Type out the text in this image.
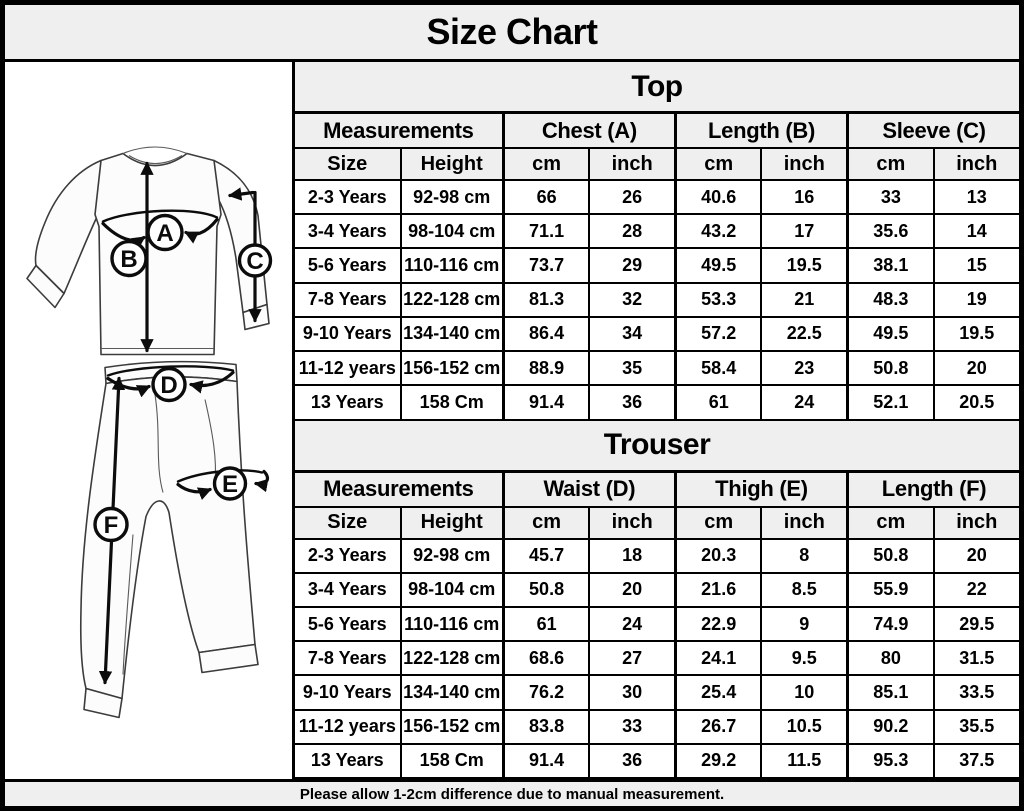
Size Chart
A
B	C
D
E
F
Top
Measurements		Chest (A)		Length (B)		Sleeve (C)	
Size	Height	cm	inch	cm	inch	cm	inch
2-3 Years	92-98 cm	66	26	40.6	16	33	13
3-4 Years	98-104 cm	71.1	28	43.2	17	35.6	14
5-6 Years	110-116 cm	73.7	29	49.5	19.5	38.1	15
7-8 Years	122-128 cm	81.3	32	53.3	21	48.3	19
9-10 Years	134-140 cm	86.4	34	57.2	22.5	49.5	19.5
11-12 years	156-152 cm	88.9	35	58.4	23	50.8	20
13 Years	158 Cm	91.4	36	61	24	52.1	20.5
Trouser
Measurements		Waist (D)		Thigh (E)		Length (F)	
Size	Height	cm	inch	cm	inch	cm	inch
2-3 Years	92-98 cm	45.7	18	20.3	8	50.8	20
3-4 Years	98-104 cm	50.8	20	21.6	8.5	55.9	22
5-6 Years	110-116 cm	61	24	22.9	9	74.9	29.5
7-8 Years	122-128 cm	68.6	27	24.1	9.5	80	31.5
9-10 Years	134-140 cm	76.2	30	25.4	10	85.1	33.5
11-12 years	156-152 cm	83.8	33	26.7	10.5	90.2	35.5
13 Years	158 Cm	91.4	36	29.2	11.5	95.3	37.5

Please allow 1-2cm difference due to manual measurement.
